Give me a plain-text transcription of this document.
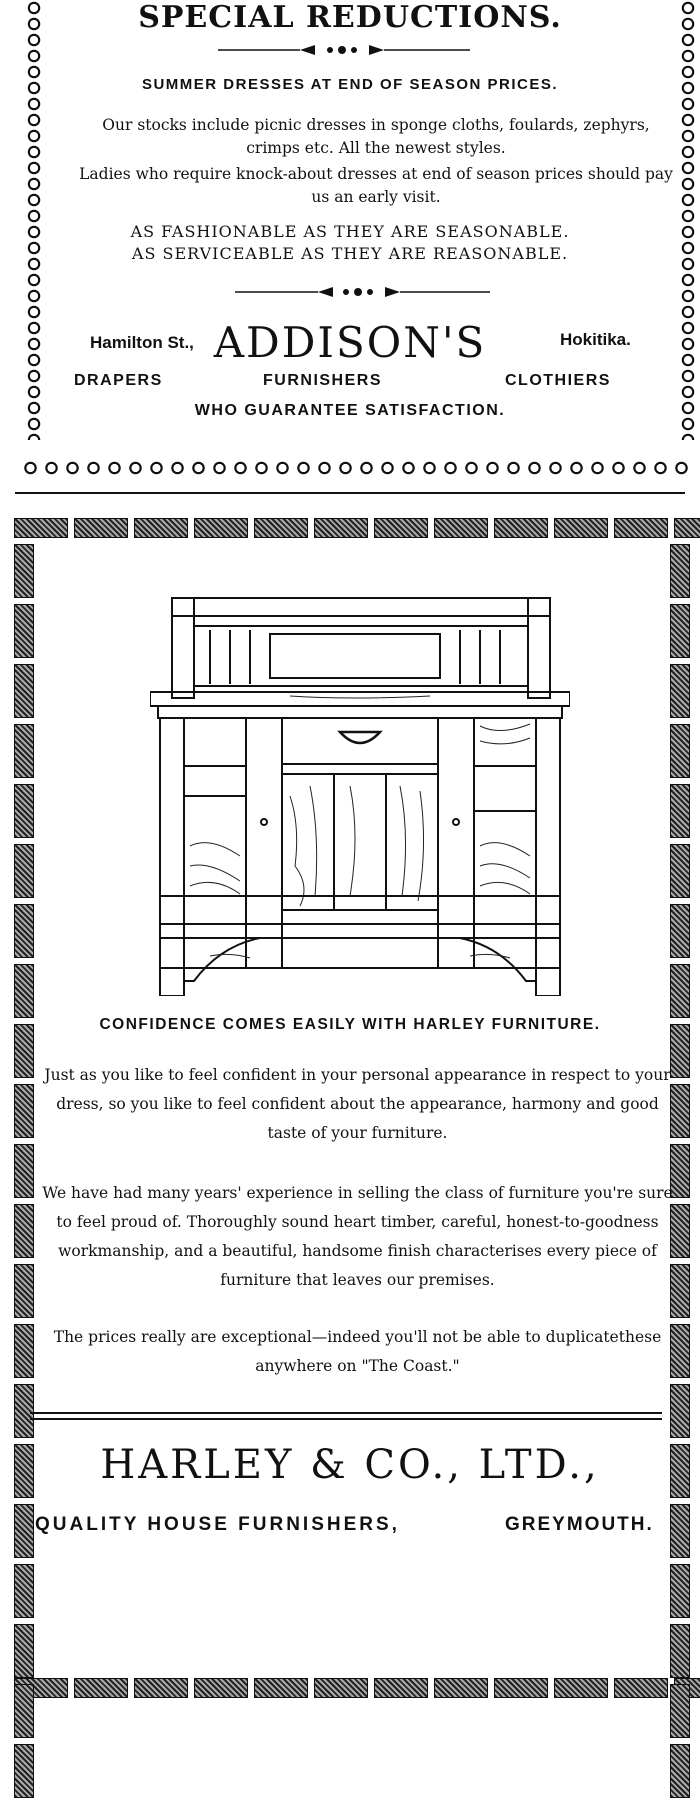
SPECIAL REDUCTIONS.
SUMMER DRESSES AT END OF SEASON PRICES.
Our stocks include picnic dresses in sponge cloths, foulards, zephyrs, crimps etc. All the newest styles.
Ladies who require knock-about dresses at end of season prices should pay us an early visit.
AS FASHIONABLE AS THEY ARE SEASONABLE.
AS SERVICEABLE AS THEY ARE REASONABLE.
Hamilton St., ADDISON'S	Hokitika.
DRAPERS	FURNISHERS	CLOTHIERS
WHO GUARANTEE SATISFACTION.
CONFIDENCE COMES EASILY WITH HARLEY FURNITURE.
Just as you like to feel confident in your personal appearance in respect to your dress, so you like to feel confident about the appearance, harmony and good taste of your furniture.
We have had many years' experience in selling the class of furniture you're sure to feel proud of. Thoroughly sound heart timber, careful, honest-to-goodness workmanship, and a beautiful, handsome finish characterises every piece of furniture that leaves our premises.
The prices really are exceptional—indeed you'll not be able to duplicatethese anywhere on "The Coast."
HARLEY & CO., LTD.,
QUALITY HOUSE FURNISHERS,	GREYMOUTH.
